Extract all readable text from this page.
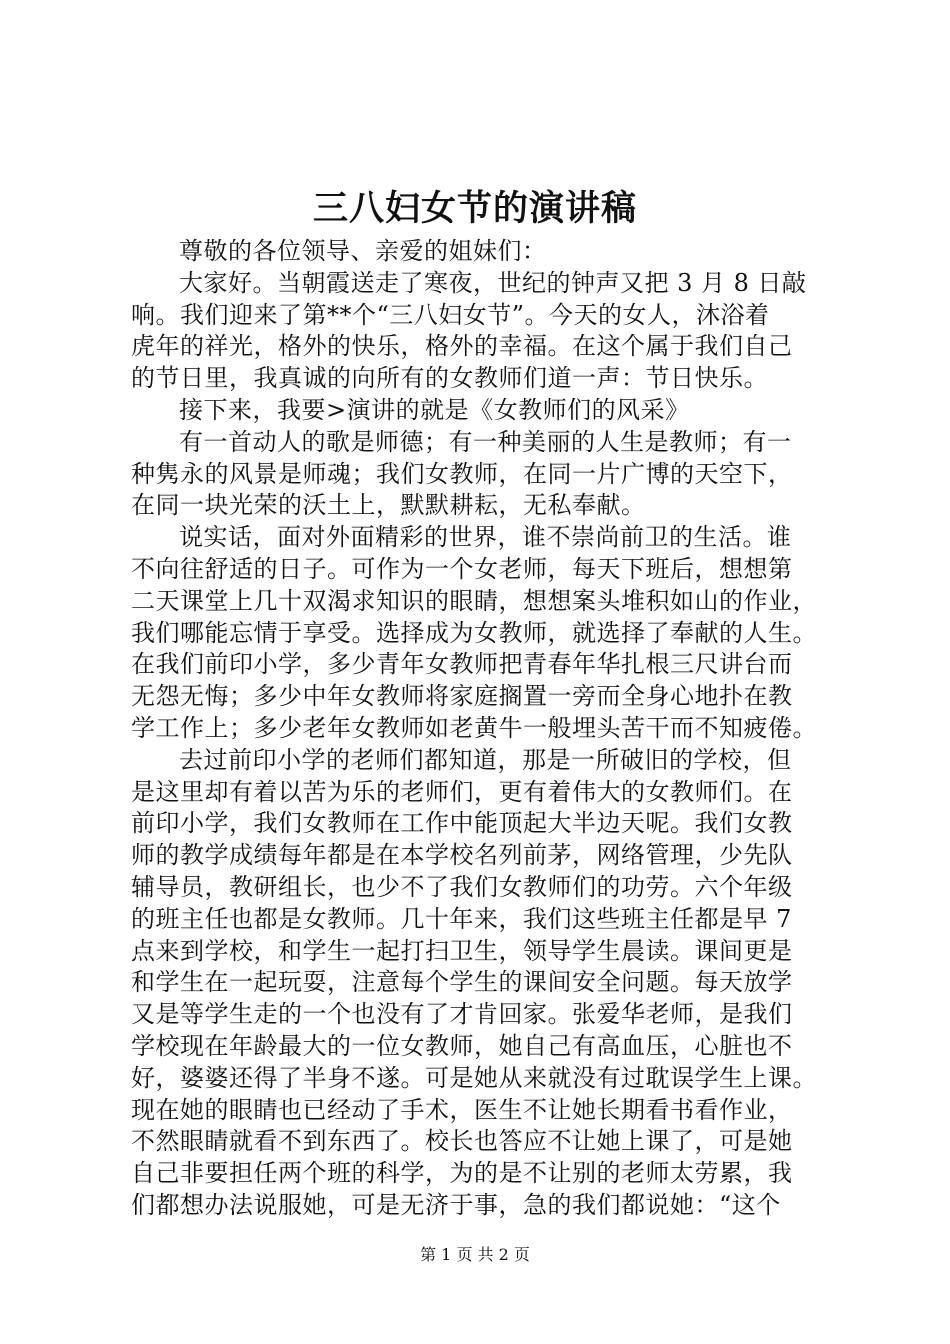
三八妇女节的演讲稿
尊敬的各位领导、亲爱的姐妹们：
大家好。当朝霞送走了寒夜，世纪的钟声又把 3 月 8 日敲
响。我们迎来了第**个“三八妇女节”。今天的女人，沐浴着
虎年的祥光，格外的快乐，格外的幸福。在这个属于我们自己
的节日里，我真诚的向所有的女教师们道一声：节日快乐。
接下来，我要>演讲的就是《女教师们的风采》
有一首动人的歌是师德；有一种美丽的人生是教师；有一
种隽永的风景是师魂；我们女教师，在同一片广博的天空下，
在同一块光荣的沃土上，默默耕耘，无私奉献。
说实话，面对外面精彩的世界，谁不崇尚前卫的生活。谁
不向往舒适的日子。可作为一个女老师，每天下班后，想想第
二天课堂上几十双渴求知识的眼睛，想想案头堆积如山的作业，
我们哪能忘情于享受。选择成为女教师，就选择了奉献的人生。
在我们前印小学，多少青年女教师把青春年华扎根三尺讲台而
无怨无悔；多少中年女教师将家庭搁置一旁而全身心地扑在教
学工作上；多少老年女教师如老黄牛一般埋头苦干而不知疲倦。
去过前印小学的老师们都知道，那是一所破旧的学校，但
是这里却有着以苦为乐的老师们，更有着伟大的女教师们。在
前印小学，我们女教师在工作中能顶起大半边天呢。我们女教
师的教学成绩每年都是在本学校名列前茅，网络管理，少先队
辅导员，教研组长，也少不了我们女教师们的功劳。六个年级
的班主任也都是女教师。几十年来，我们这些班主任都是早 7
点来到学校，和学生一起打扫卫生，领导学生晨读。课间更是
和学生在一起玩耍，注意每个学生的课间安全问题。每天放学
又是等学生走的一个也没有了才肯回家。张爱华老师，是我们
学校现在年龄最大的一位女教师，她自己有高血压，心脏也不
好，婆婆还得了半身不遂。可是她从来就没有过耽误学生上课。
现在她的眼睛也已经动了手术，医生不让她长期看书看作业，
不然眼睛就看不到东西了。校长也答应不让她上课了，可是她
自己非要担任两个班的科学，为的是不让别的老师太劳累，我
们都想办法说服她，可是无济于事，急的我们都说她：“这个
第 1 页 共 2 页
